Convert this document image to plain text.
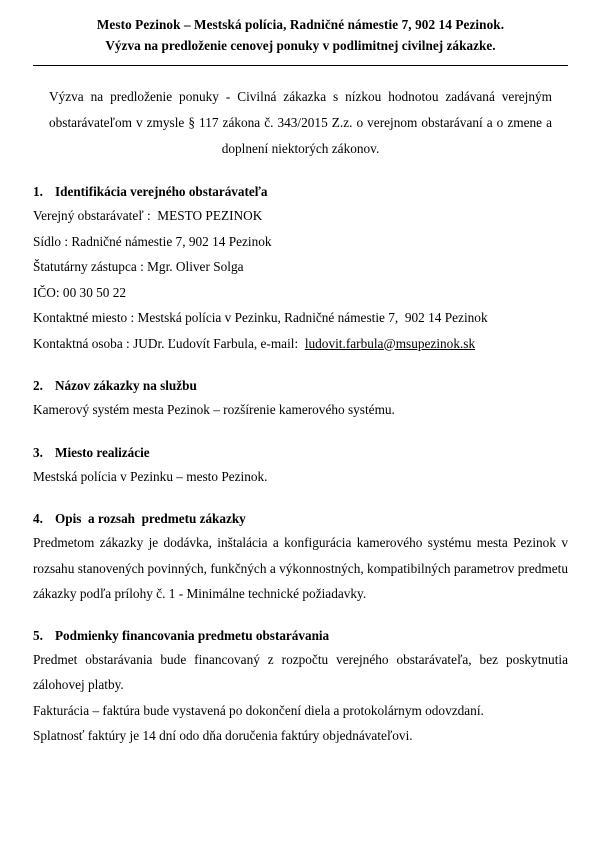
Mesto Pezinok – Mestská polícia, Radničné námestie 7, 902 14 Pezinok.
Výzva na predloženie cenovej ponuky v podlimitnej civilnej zákazke.

Výzva na predloženie ponuky - Civilná zákazka s nízkou hodnotou zadávaná verejným obstarávateľom v zmysle § 117 zákona č. 343/2015 Z.z. o verejnom obstarávaní a o zmene a doplnení niektorých zákonov.

1. Identifikácia verejného obstarávateľa

Verejný obstarávateľ :  MESTO PEZINOK

Sídlo : Radničné námestie 7, 902 14 Pezinok

Štatutárny zástupca : Mgr. Oliver Solga

IČO: 00 30 50 22

Kontaktné miesto : Mestská polícia v Pezinku, Radničné námestie 7,  902 14 Pezinok

Kontaktná osoba : JUDr. Ľudovít Farbula, e-mail:  ludovit.farbula@msupezinok.sk

2. Názov zákazky na službu

Kamerový systém mesta Pezinok – rozšírenie kamerového systému.

3. Miesto realizácie

Mestská polícia v Pezinku – mesto Pezinok.

4. Opis  a rozsah  predmetu zákazky

Predmetom zákazky je dodávka, inštalácia a konfigurácia kamerového systému mesta Pezinok v rozsahu stanovených povinných, funkčných a výkonnostných, kompatibilných parametrov predmetu zákazky podľa prílohy č. 1 - Minimálne technické požiadavky.

5. Podmienky financovania predmetu obstarávania

Predmet obstarávania bude financovaný z rozpočtu verejného obstarávateľa, bez poskytnutia zálohovej platby.

Fakturácia – faktúra bude vystavená po dokončení diela a protokolárnym odovzdaní.

Splatnosť faktúry je 14 dní odo dňa doručenia faktúry objednávateľovi.
